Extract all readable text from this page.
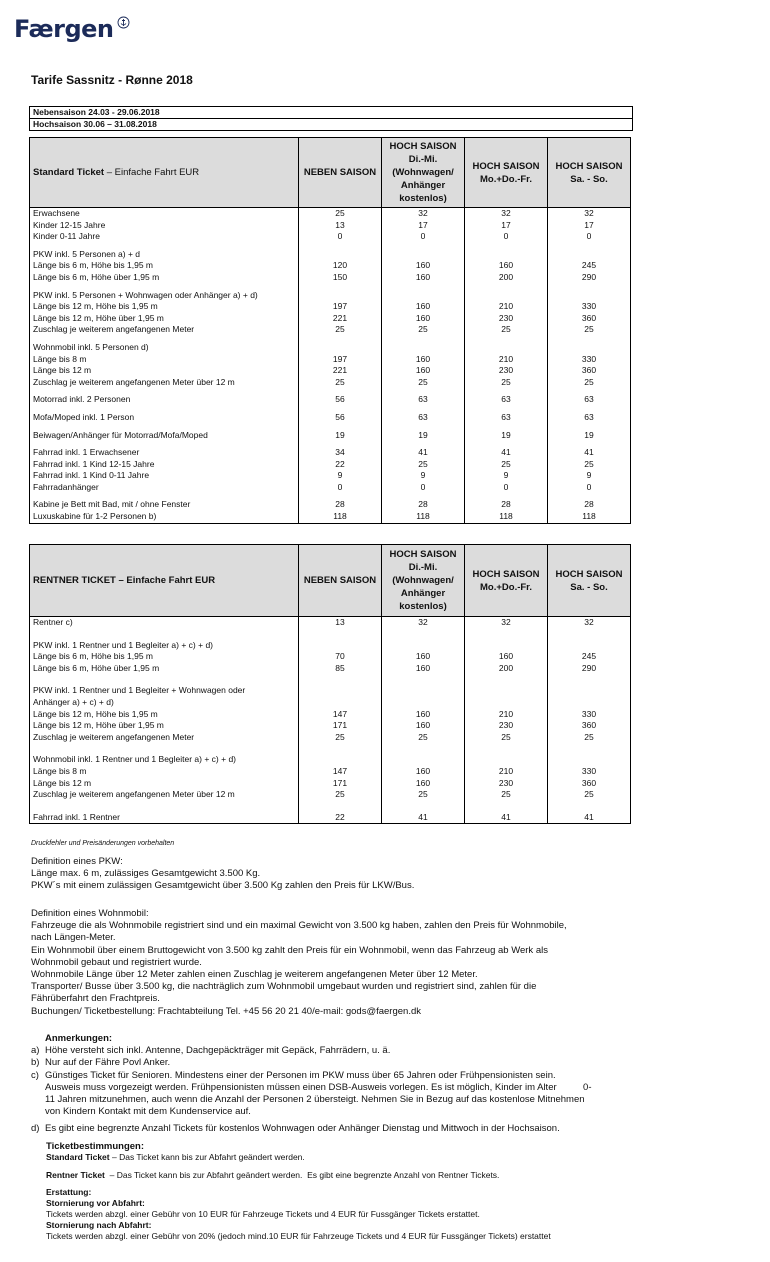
Færgen
Tarife Sassnitz - Rønne 2018
Nebensaison 24.03 - 29.06.2018
Hochsaison 30.06 – 31.08.2018
Standard Ticket – Einfache Fahrt EUR	NEBEN SAISON	HOCH SAISON Di.-Mi. (Wohnwagen/ Anhänger kostenlos)	HOCH SAISON Mo.+Do.-Fr.	HOCH SAISON Sa. - So.
Erwachsene	25	32	32	32
Kinder 12-15 Jahre	13	17	17	17
Kinder 0-11 Jahre	0	0	0	0

PKW inkl. 5 Personen a) + d				
Länge bis 6 m, Höhe bis 1,95 m	120	160	160	245
Länge bis 6 m, Höhe über 1,95 m	150	160	200	290

PKW inkl. 5 Personen + Wohnwagen oder Anhänger a) + d)				
Länge bis 12 m, Höhe bis 1,95 m	197	160	210	330
Länge bis 12 m, Höhe über 1,95 m	221	160	230	360
Zuschlag je weiterem angefangenen Meter	25	25	25	25

Wohnmobil inkl. 5 Personen d)				
Länge bis 8 m	197	160	210	330
Länge bis 12 m	221	160	230	360
Zuschlag je weiterem angefangenen Meter über 12 m	25	25	25	25

Motorrad inkl. 2 Personen	56	63	63	63

Mofa/Moped inkl. 1 Person	56	63	63	63

Beiwagen/Anhänger für Motorrad/Mofa/Moped	19	19	19	19

Fahrrad inkl. 1 Erwachsener	34	41	41	41
Fahrrad inkl. 1 Kind 12-15 Jahre	22	25	25	25
Fahrrad inkl. 1 Kind 0-11 Jahre	9	9	9	9
Fahrradanhänger	0	0	0	0

Kabine je Bett mit Bad, mit / ohne Fenster	28	28	28	28
Luxuskabine für 1-2 Personen b)	118	118	118	118
RENTNER TICKET – Einfache Fahrt EUR	NEBEN SAISON	HOCH SAISON Di.-Mi. (Wohnwagen/ Anhänger kostenlos)	HOCH SAISON Mo.+Do.-Fr.	HOCH SAISON Sa. - So.
Rentner c)	13	32	32	32

PKW inkl. 1 Rentner und 1 Begleiter a) + c) + d)				
Länge bis 6 m, Höhe bis 1,95 m	70	160	160	245
Länge bis 6 m, Höhe über 1,95 m	85	160	200	290

PKW inkl. 1 Rentner und 1 Begleiter + Wohnwagen oder				
Anhänger a) + c) + d)				
Länge bis 12 m, Höhe bis 1,95 m	147	160	210	330
Länge bis 12 m, Höhe über 1,95 m	171	160	230	360
Zuschlag je weiterem angefangenen Meter	25	25	25	25

Wohnmobil inkl. 1 Rentner und 1 Begleiter a) + c) + d)				
Länge bis 8 m	147	160	210	330
Länge bis 12 m	171	160	230	360
Zuschlag je weiterem angefangenen Meter über 12 m	25	25	25	25

Fahrrad inkl. 1 Rentner	22	41	41	41
Druckfehler und Preisänderungen vorbehalten
Definition eines PKW:
Länge max. 6 m, zulässiges Gesamtgewicht 3.500 Kg.
PKW´s mit einem zulässigen Gesamtgewicht über 3.500 Kg zahlen den Preis für LKW/Bus.
Definition eines Wohnmobil:
Fahrzeuge die als Wohnmobile registriert sind und ein maximal Gewicht von 3.500 kg haben, zahlen den Preis für Wohnmobile,
nach Längen-Meter.
Ein Wohnmobil über einem Bruttogewicht von 3.500 kg zahlt den Preis für ein Wohnmobil, wenn das Fahrzeug ab Werk als
Wohnmobil gebaut und registriert wurde.
Wohnmobile Länge über 12 Meter zahlen einen Zuschlag je weiterem angefangenen Meter über 12 Meter.
Transporter/ Busse über 3.500 kg, die nachträglich zum Wohnmobil umgebaut wurden und registriert sind, zahlen für die
Fährüberfahrt den Frachtpreis.
Buchungen/ Ticketbestellung: Frachtabteilung Tel. +45 56 20 21 40/e-mail: gods@faergen.dk
Anmerkungen:
a) Höhe versteht sich inkl. Antenne, Dachgepäckträger mit Gepäck, Fahrrädern, u. ä.
b) Nur auf der Fähre Povl Anker.
c) Günstiges Ticket für Senioren. Mindestens einer der Personen im PKW muss über 65 Jahren oder Frühpensionisten sein.
Ausweis muss vorgezeigt werden. Frühpensionisten müssen einen DSB-Ausweis vorlegen. Es ist möglich, Kinder im Alter          0-
11 Jahren mitzunehmen, auch wenn die Anzahl der Personen 2 übersteigt. Nehmen Sie in Bezug auf das kostenlose Mitnehmen
von Kindern Kontakt mit dem Kundenservice auf.
d) Es gibt eine begrenzte Anzahl Tickets für kostenlos Wohnwagen oder Anhänger Dienstag und Mittwoch in der Hochsaison.
Ticketbestimmungen:
Standard Ticket – Das Ticket kann bis zur Abfahrt geändert werden.
Rentner Ticket  – Das Ticket kann bis zur Abfahrt geändert werden.  Es gibt eine begrenzte Anzahl von Rentner Tickets.
Erstattung:
Stornierung vor Abfahrt:
Tickets werden abzgl. einer Gebühr von 10 EUR für Fahrzeuge Tickets und 4 EUR für Fussgänger Tickets erstattet.
Stornierung nach Abfahrt:
Tickets werden abzgl. einer Gebühr von 20% (jedoch mind.10 EUR für Fahrzeuge Tickets und 4 EUR für Fussgänger Tickets) erstattet
